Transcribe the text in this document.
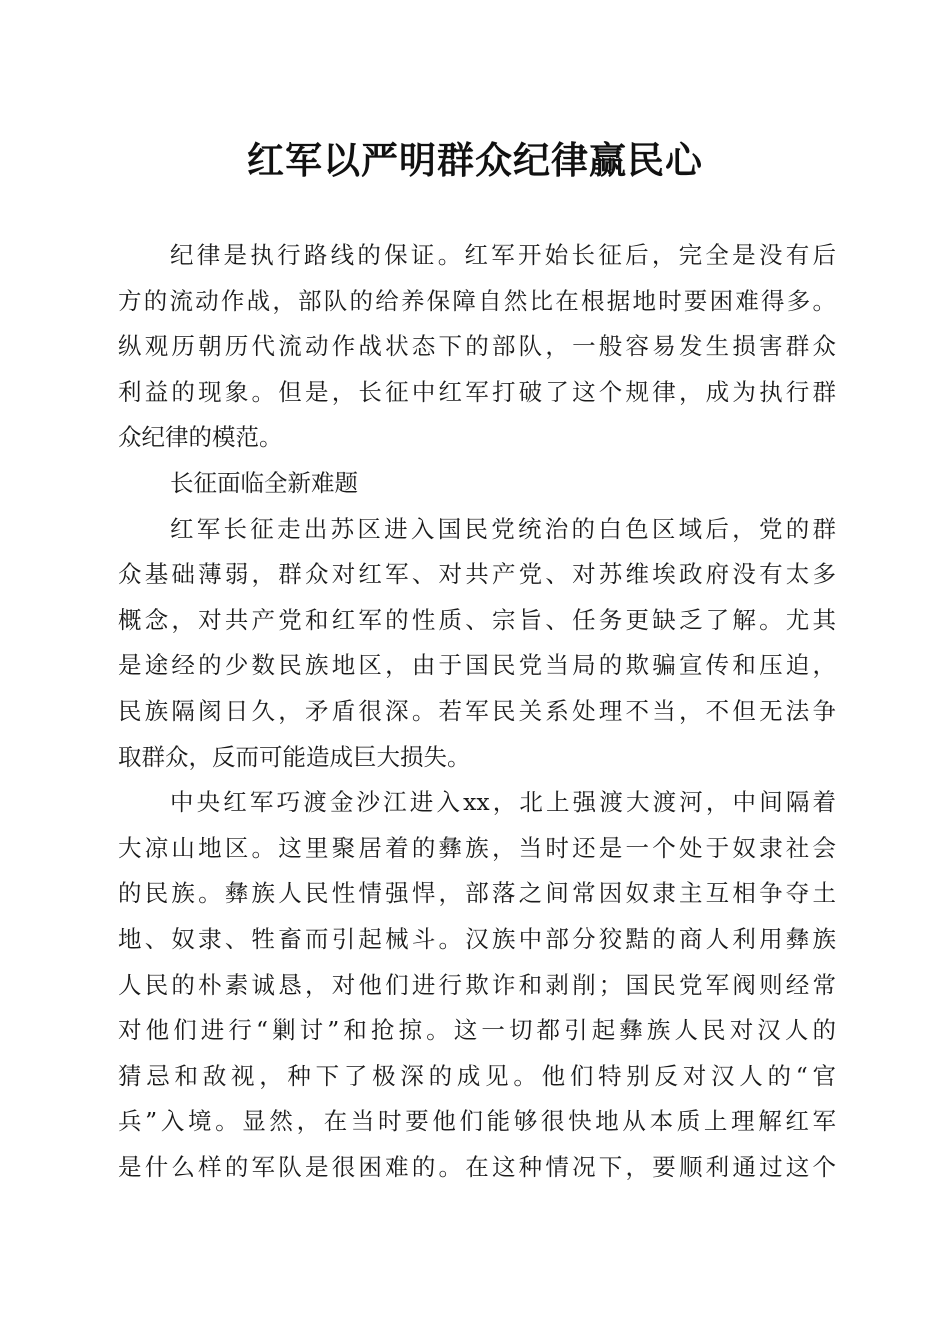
红军以严明群众纪律赢民心
纪律是执行路线的保证。红军开始长征后，完全是没有后
方的流动作战，部队的给养保障自然比在根据地时要困难得多。
纵观历朝历代流动作战状态下的部队，一般容易发生损害群众
利益的现象。但是，长征中红军打破了这个规律，成为执行群
众纪律的模范。
长征面临全新难题
红军长征走出苏区进入国民党统治的白色区域后，党的群
众基础薄弱，群众对红军、对共产党、对苏维埃政府没有太多
概念，对共产党和红军的性质、宗旨、任务更缺乏了解。尤其
是途经的少数民族地区，由于国民党当局的欺骗宣传和压迫，
民族隔阂日久，矛盾很深。若军民关系处理不当，不但无法争
取群众，反而可能造成巨大损失。
中央红军巧渡金沙江进入xx，北上强渡大渡河，中间隔着
大凉山地区。这里聚居着的彝族，当时还是一个处于奴隶社会
的民族。彝族人民性情强悍，部落之间常因奴隶主互相争夺土
地、奴隶、牲畜而引起械斗。汉族中部分狡黠的商人利用彝族
人民的朴素诚恳，对他们进行欺诈和剥削；国民党军阀则经常
对他们进行“剿讨”和抢掠。这一切都引起彝族人民对汉人的
猜忌和敌视，种下了极深的成见。他们特别反对汉人的“官
兵”入境。显然，在当时要他们能够很快地从本质上理解红军
是什么样的军队是很困难的。在这种情况下，要顺利通过这个
